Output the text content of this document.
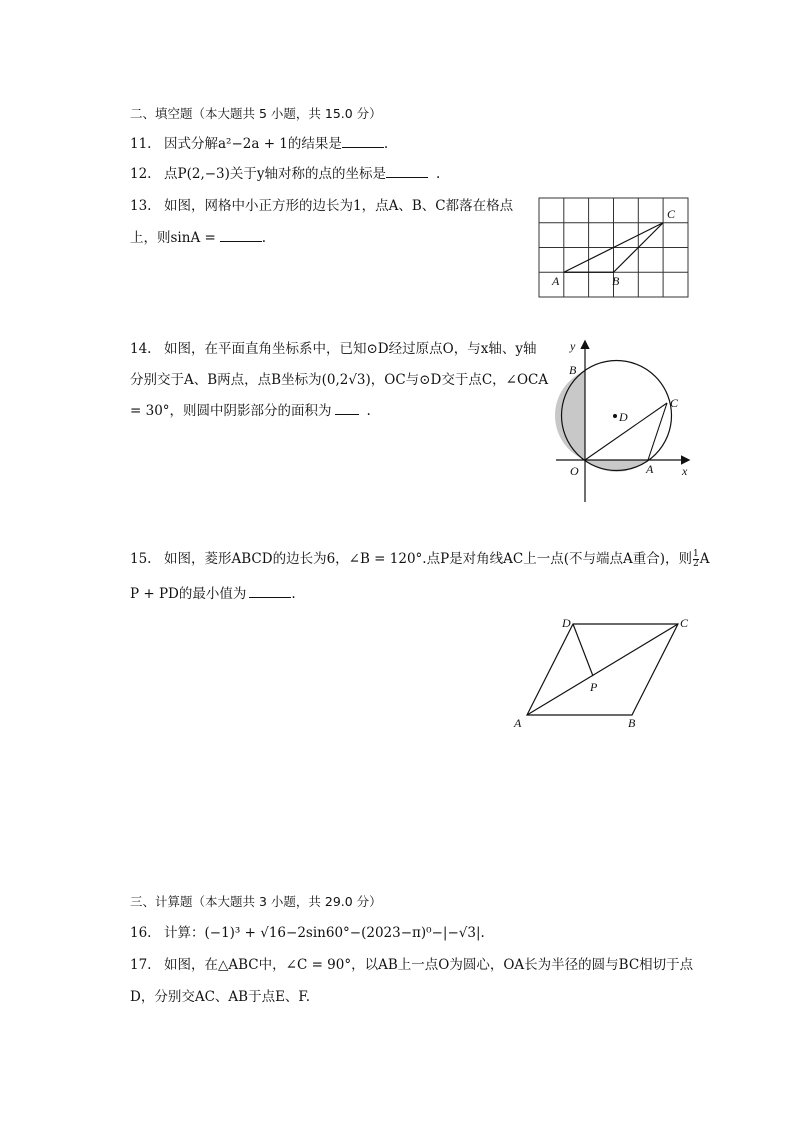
二、填空题（本大题共 5 小题，共 15.0 分）
11. 因式分解a²−2a + 1的结果是	.
12. 点P(2,−3)关于y轴对称的点的坐标是	.
13. 如图，网格中小正方形的边长为1，点A、B、C都落在格点
上，则sinA =	.
A	B
C
14. 如图，在平面直角坐标系中，已知⊙D经过原点O，与x轴、y轴
分别交于A、B两点，点B坐标为(0,2√3)，OC与⊙D交于点C，∠OCA
= 30°，则圆中阴影部分的面积为	.
y
x
B
C
D
O	A
15. 如图，菱形ABCD的边长为6，∠B = 120°.点P是对角线AC上一点(不与端点A重合)，则 $\frac{1}{2}$ A
P + PD的最小值为	.
A	B
C
D
P
三、计算题（本大题共 3 小题，共 29.0 分）
16. 计算：(−1)³ + √16−2sin60°−(2023−π)⁰−|−√3|.
17. 如图，在△ABC中，∠C = 90°，以AB上一点O为圆心，OA长为半径的圆与BC相切于点
D，分别交AC、AB于点E、F.
